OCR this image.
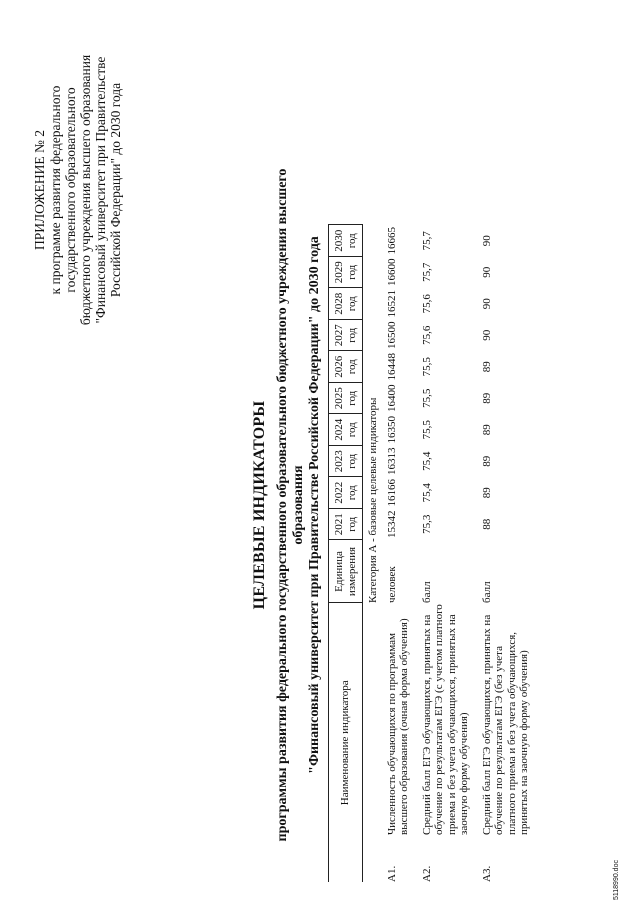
ПРИЛОЖЕНИЕ № 2 к программе развития федерального государственного образовательного бюджетного учреждения высшего образования "Финансовый университет при Правительстве Российской Федерации" до 2030 года
ЦЕЛЕВЫЕ ИНДИКАТОРЫ программы развития федерального государственного образовательного бюджетного учреждения высшего образования "Финансовый университет при Правительстве Российской Федерации" до 2030 года Наименование индикатора		Единица измерения	2021 год	2022 год	2023 год	2024 год	2025 год	2026 год	2027 год	2028 год	2029 год	2030 год
		Категория А - базовые целевые индикаторы										
А1.	Численность обучающихся по программам высшего образования (очная форма обучения)	человек	15342	16166	16313	16350	16400	16448	16500	16521	16600	16665
А2.	Средний балл ЕГЭ обучающихся, принятых на обучение по результатам ЕГЭ (с учетом платного приема и без учета обучающихся, принятых на заочную форму обучения)	балл	75,3	75,4	75,4	75,5	75,5	75,5	75,6	75,6	75,7	75,7
А3.	Средний балл ЕГЭ обучающихся, принятых на обучение по результатам ЕГЭ (без учета платного приема и без учета обучающихся, принятых на заочную форму обучения)	балл	88	89	89	89	89	89	90	90	90	90
5118990.doc
